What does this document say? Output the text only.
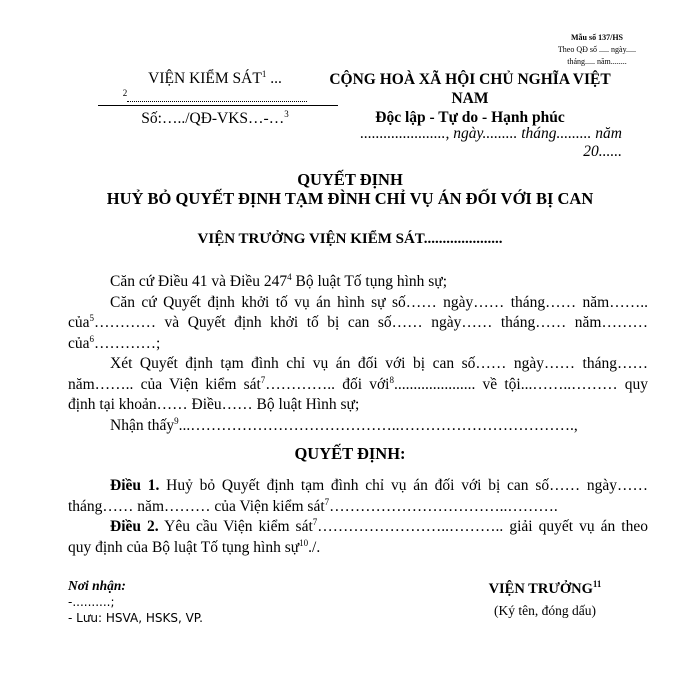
Mẫu số 137/HS
Theo QĐ số ..... ngày.....
tháng..... năm........
VIỆN KIỂM SÁT$^1$ ...
$^2$
Số:…../QĐ-VKS…-…$^3$
CỘNG HOÀ XÃ HỘI CHỦ NGHĨA VIỆT NAM
Độc lập - Tự do - Hạnh phúc
......................, ngày......... tháng......... năm 20......
QUYẾT ĐỊNH
HUỶ BỎ QUYẾT ĐỊNH TẠM ĐÌNH CHỈ VỤ ÁN ĐỐI VỚI BỊ CAN
VIỆN TRƯỞNG VIỆN KIỂM SÁT.....................

Căn cứ Điều 41 và Điều $247^4$ Bộ luật Tố tụng hình sự;

Căn cứ Quyết định khởi tố vụ án hình sự số…… ngày…… tháng…… năm…….. của$^5$………… và Quyết định khởi tố bị can số…… ngày…… tháng…… năm……… của$^6$…………;

Xét Quyết định tạm đình chỉ vụ án đối với bị can số…… ngày…… tháng…… năm…….. của Viện kiểm sát$^7$………….. đối với$^8$..................... về tội...……..……… quy định tại khoản…… Điều…… Bộ luật Hình sự;

Nhận thấy$^9$...…………………………………..…………………………….,

QUYẾT ĐỊNH:

Điều 1. Huỷ bỏ Quyết định tạm đình chỉ vụ án đối với bị can số…… ngày…… tháng…… năm……… của Viện kiểm sát$^7$……………………………..……….

Điều 2. Yêu cầu Viện kiểm sát$^7$……………………..……….. giải quyết vụ án theo quy định của Bộ luật Tố tụng hình sự$^{10}$./.

Nơi nhận:
-..........;
- Lưu: HSVA, HSKS, VP.
VIỆN TRƯỞNG$^{11}$
(Ký tên, đóng dấu)
